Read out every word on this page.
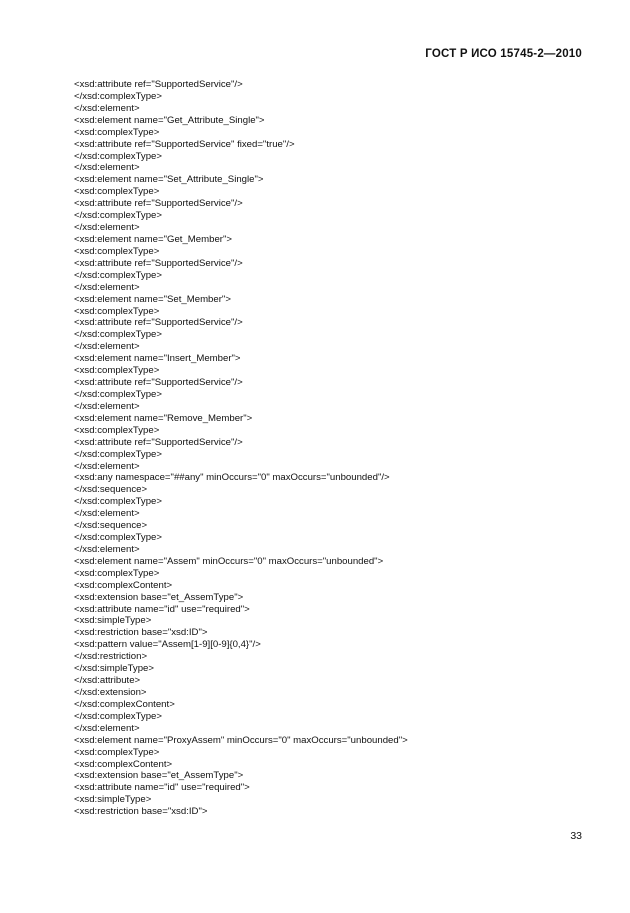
ГОСТ Р ИСО 15745-2—2010
<xsd:attribute ref="SupportedService"/>
</xsd:complexType>
</xsd:element>
<xsd:element name="Get_Attribute_Single">
<xsd:complexType>
<xsd:attribute ref="SupportedService" fixed="true"/>
</xsd:complexType>
</xsd:element>
<xsd:element name="Set_Attribute_Single">
<xsd:complexType>
<xsd:attribute ref="SupportedService"/>
</xsd:complexType>
</xsd:element>
<xsd:element name="Get_Member">
<xsd:complexType>
<xsd:attribute ref="SupportedService"/>
</xsd:complexType>
</xsd:element>
<xsd:element name="Set_Member">
<xsd:complexType>
<xsd:attribute ref="SupportedService"/>
</xsd:complexType>
</xsd:element>
<xsd:element name="Insert_Member">
<xsd:complexType>
<xsd:attribute ref="SupportedService"/>
</xsd:complexType>
</xsd:element>
<xsd:element name="Remove_Member">
<xsd:complexType>
<xsd:attribute ref="SupportedService"/>
</xsd:complexType>
</xsd:element>
<xsd:any namespace="##any" minOccurs="0" maxOccurs="unbounded"/>
</xsd:sequence>
</xsd:complexType>
</xsd:element>
</xsd:sequence>
</xsd:complexType>
</xsd:element>
<xsd:element name="Assem" minOccurs="0" maxOccurs="unbounded">
<xsd:complexType>
<xsd:complexContent>
<xsd:extension base="et_AssemType">
<xsd:attribute name="id" use="required">
<xsd:simpleType>
<xsd:restriction base="xsd:ID">
<xsd:pattern value="Assem[1-9][0-9]{0,4}"/>
</xsd:restriction>
</xsd:simpleType>
</xsd:attribute>
</xsd:extension>
</xsd:complexContent>
</xsd:complexType>
</xsd:element>
<xsd:element name="ProxyAssem" minOccurs="0" maxOccurs="unbounded">
<xsd:complexType>
<xsd:complexContent>
<xsd:extension base="et_AssemType">
<xsd:attribute name="id" use="required">
<xsd:simpleType>
<xsd:restriction base="xsd:ID">
33
